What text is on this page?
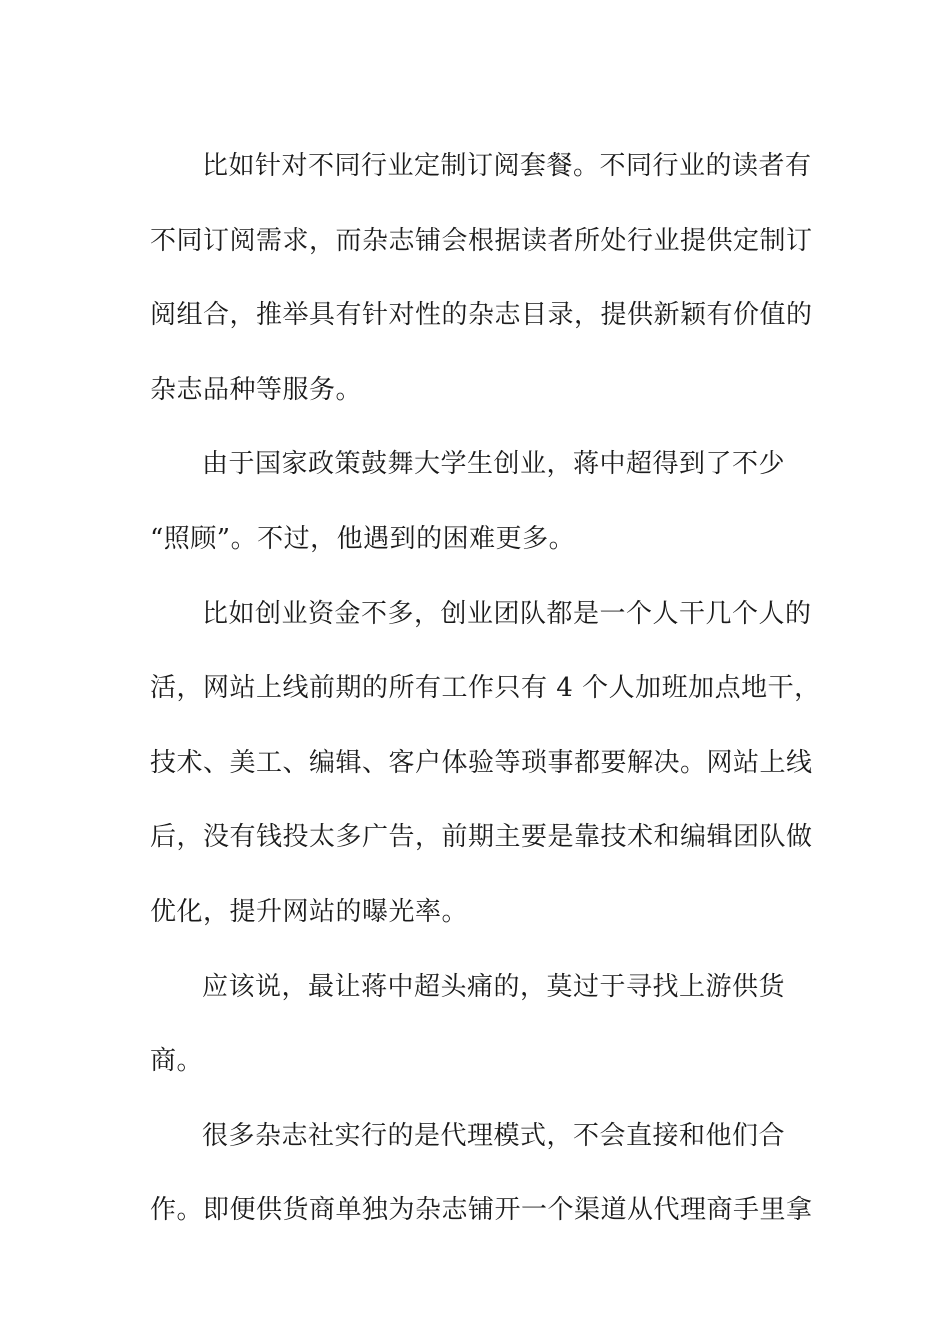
比如针对不同行业定制订阅套餐。不同行业的读者有
不同订阅需求，而杂志铺会根据读者所处行业提供定制订
阅组合，推举具有针对性的杂志目录，提供新颖有价值的
杂志品种等服务。
由于国家政策鼓舞大学生创业，蒋中超得到了不少
“照顾”。不过，他遇到的困难更多。
比如创业资金不多，创业团队都是一个人干几个人的
活，网站上线前期的所有工作只有 4 个人加班加点地干，
技术、美工、编辑、客户体验等琐事都要解决。网站上线
后，没有钱投太多广告，前期主要是靠技术和编辑团队做
优化，提升网站的曝光率。
应该说，最让蒋中超头痛的，莫过于寻找上游供货
商。
很多杂志社实行的是代理模式，不会直接和他们合
作。即便供货商单独为杂志铺开一个渠道从代理商手里拿
